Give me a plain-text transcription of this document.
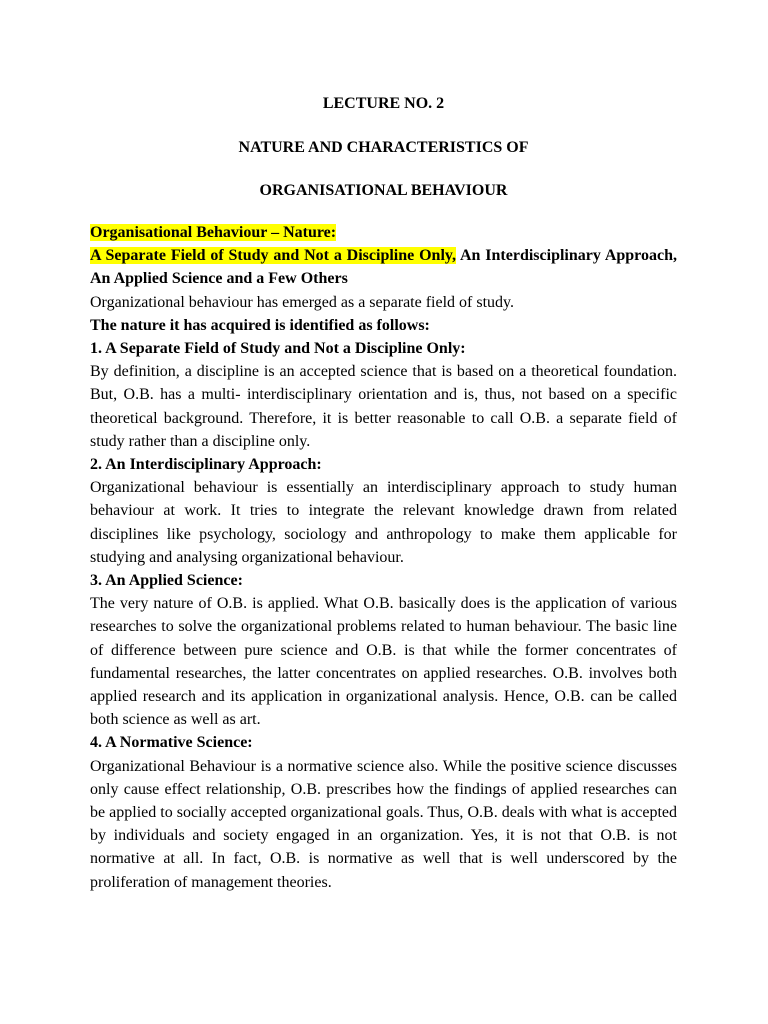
LECTURE NO. 2
NATURE AND CHARACTERISTICS OF
ORGANISATIONAL BEHAVIOUR

Organisational Behaviour – Nature:

A Separate Field of Study and Not a Discipline Only, An Interdisciplinary Approach, An Applied Science and a Few Others

Organizational behaviour has emerged as a separate field of study.

The nature it has acquired is identified as follows:

1. A Separate Field of Study and Not a Discipline Only:

By definition, a discipline is an accepted science that is based on a theoretical foundation. But, O.B. has a multi- interdisciplinary orientation and is, thus, not based on a specific theoretical background. Therefore, it is better reasonable to call O.B. a separate field of study rather than a discipline only.

2. An Interdisciplinary Approach:

Organizational behaviour is essentially an interdisciplinary approach to study human behaviour at work. It tries to integrate the relevant knowledge drawn from related disciplines like psychology, sociology and anthropology to make them applicable for studying and analysing organizational behaviour.

3. An Applied Science:

The very nature of O.B. is applied. What O.B. basically does is the application of various researches to solve the organizational problems related to human behaviour. The basic line of difference between pure science and O.B. is that while the former concentrates of fundamental researches, the latter concentrates on applied researches. O.B. involves both applied research and its application in organizational analysis. Hence, O.B. can be called both science as well as art.

4. A Normative Science:

Organizational Behaviour is a normative science also. While the positive science discusses only cause effect relationship, O.B. prescribes how the findings of applied researches can be applied to socially accepted organizational goals. Thus, O.B. deals with what is accepted by individuals and society engaged in an organization. Yes, it is not that O.B. is not normative at all. In fact, O.B. is normative as well that is well underscored by the proliferation of management theories.
